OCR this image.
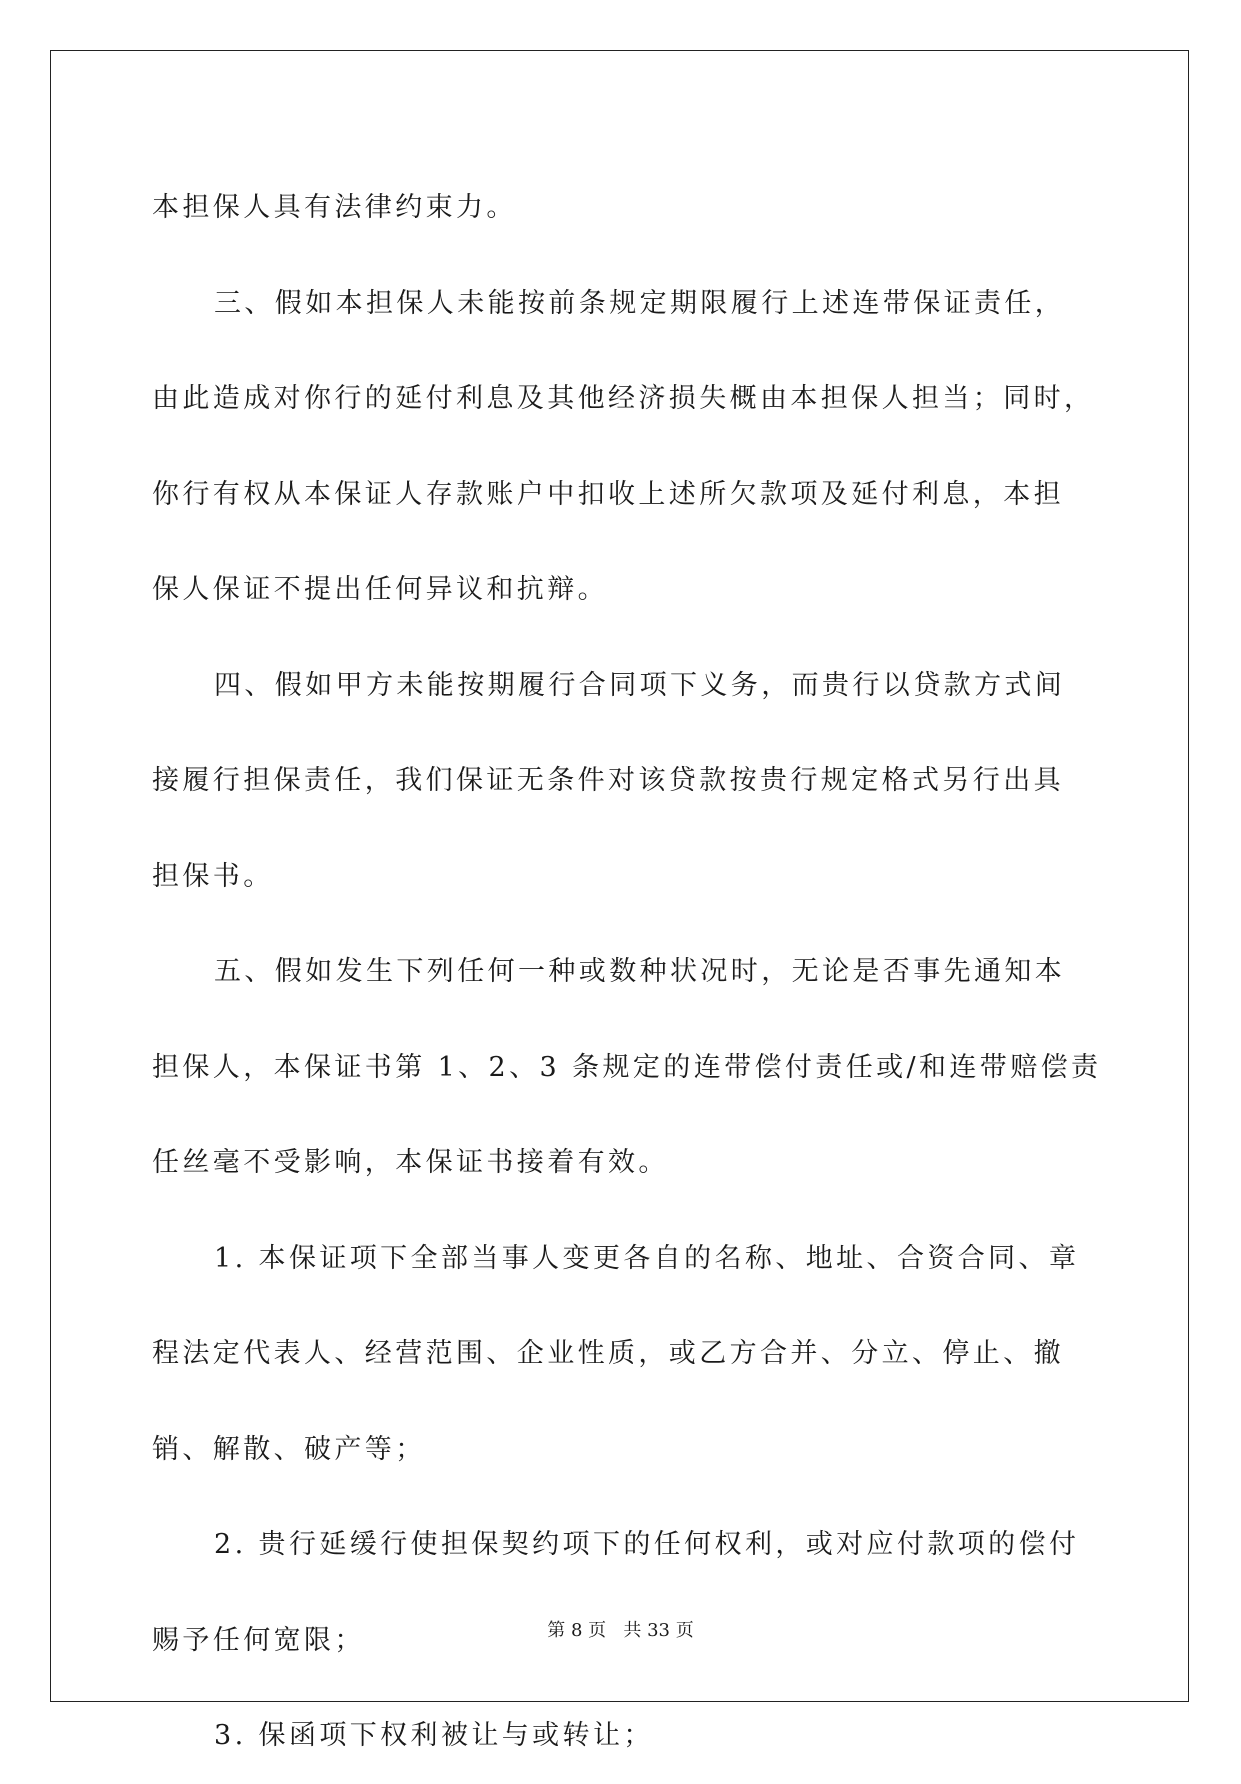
本担保人具有法律约束力。

三、假如本担保人未能按前条规定期限履行上述连带保证责任，
由此造成对你行的延付利息及其他经济损失概由本担保人担当；同时，
你行有权从本保证人存款账户中扣收上述所欠款项及延付利息，本担
保人保证不提出任何异议和抗辩。

四、假如甲方未能按期履行合同项下义务，而贵行以贷款方式间
接履行担保责任，我们保证无条件对该贷款按贵行规定格式另行出具
担保书。

五、假如发生下列任何一种或数种状况时，无论是否事先通知本
担保人，本保证书第 1、2、3 条规定的连带偿付责任或/和连带赔偿责
任丝毫不受影响，本保证书接着有效。

1. 本保证项下全部当事人变更各自的名称、地址、合资合同、章
程法定代表人、经营范围、企业性质，或乙方合并、分立、停止、撤
销、解散、破产等；

2. 贵行延缓行使担保契约项下的任何权利，或对应付款项的偿付
赐予任何宽限；

3. 保函项下权利被让与或转让；

第 8 页   共 33 页
